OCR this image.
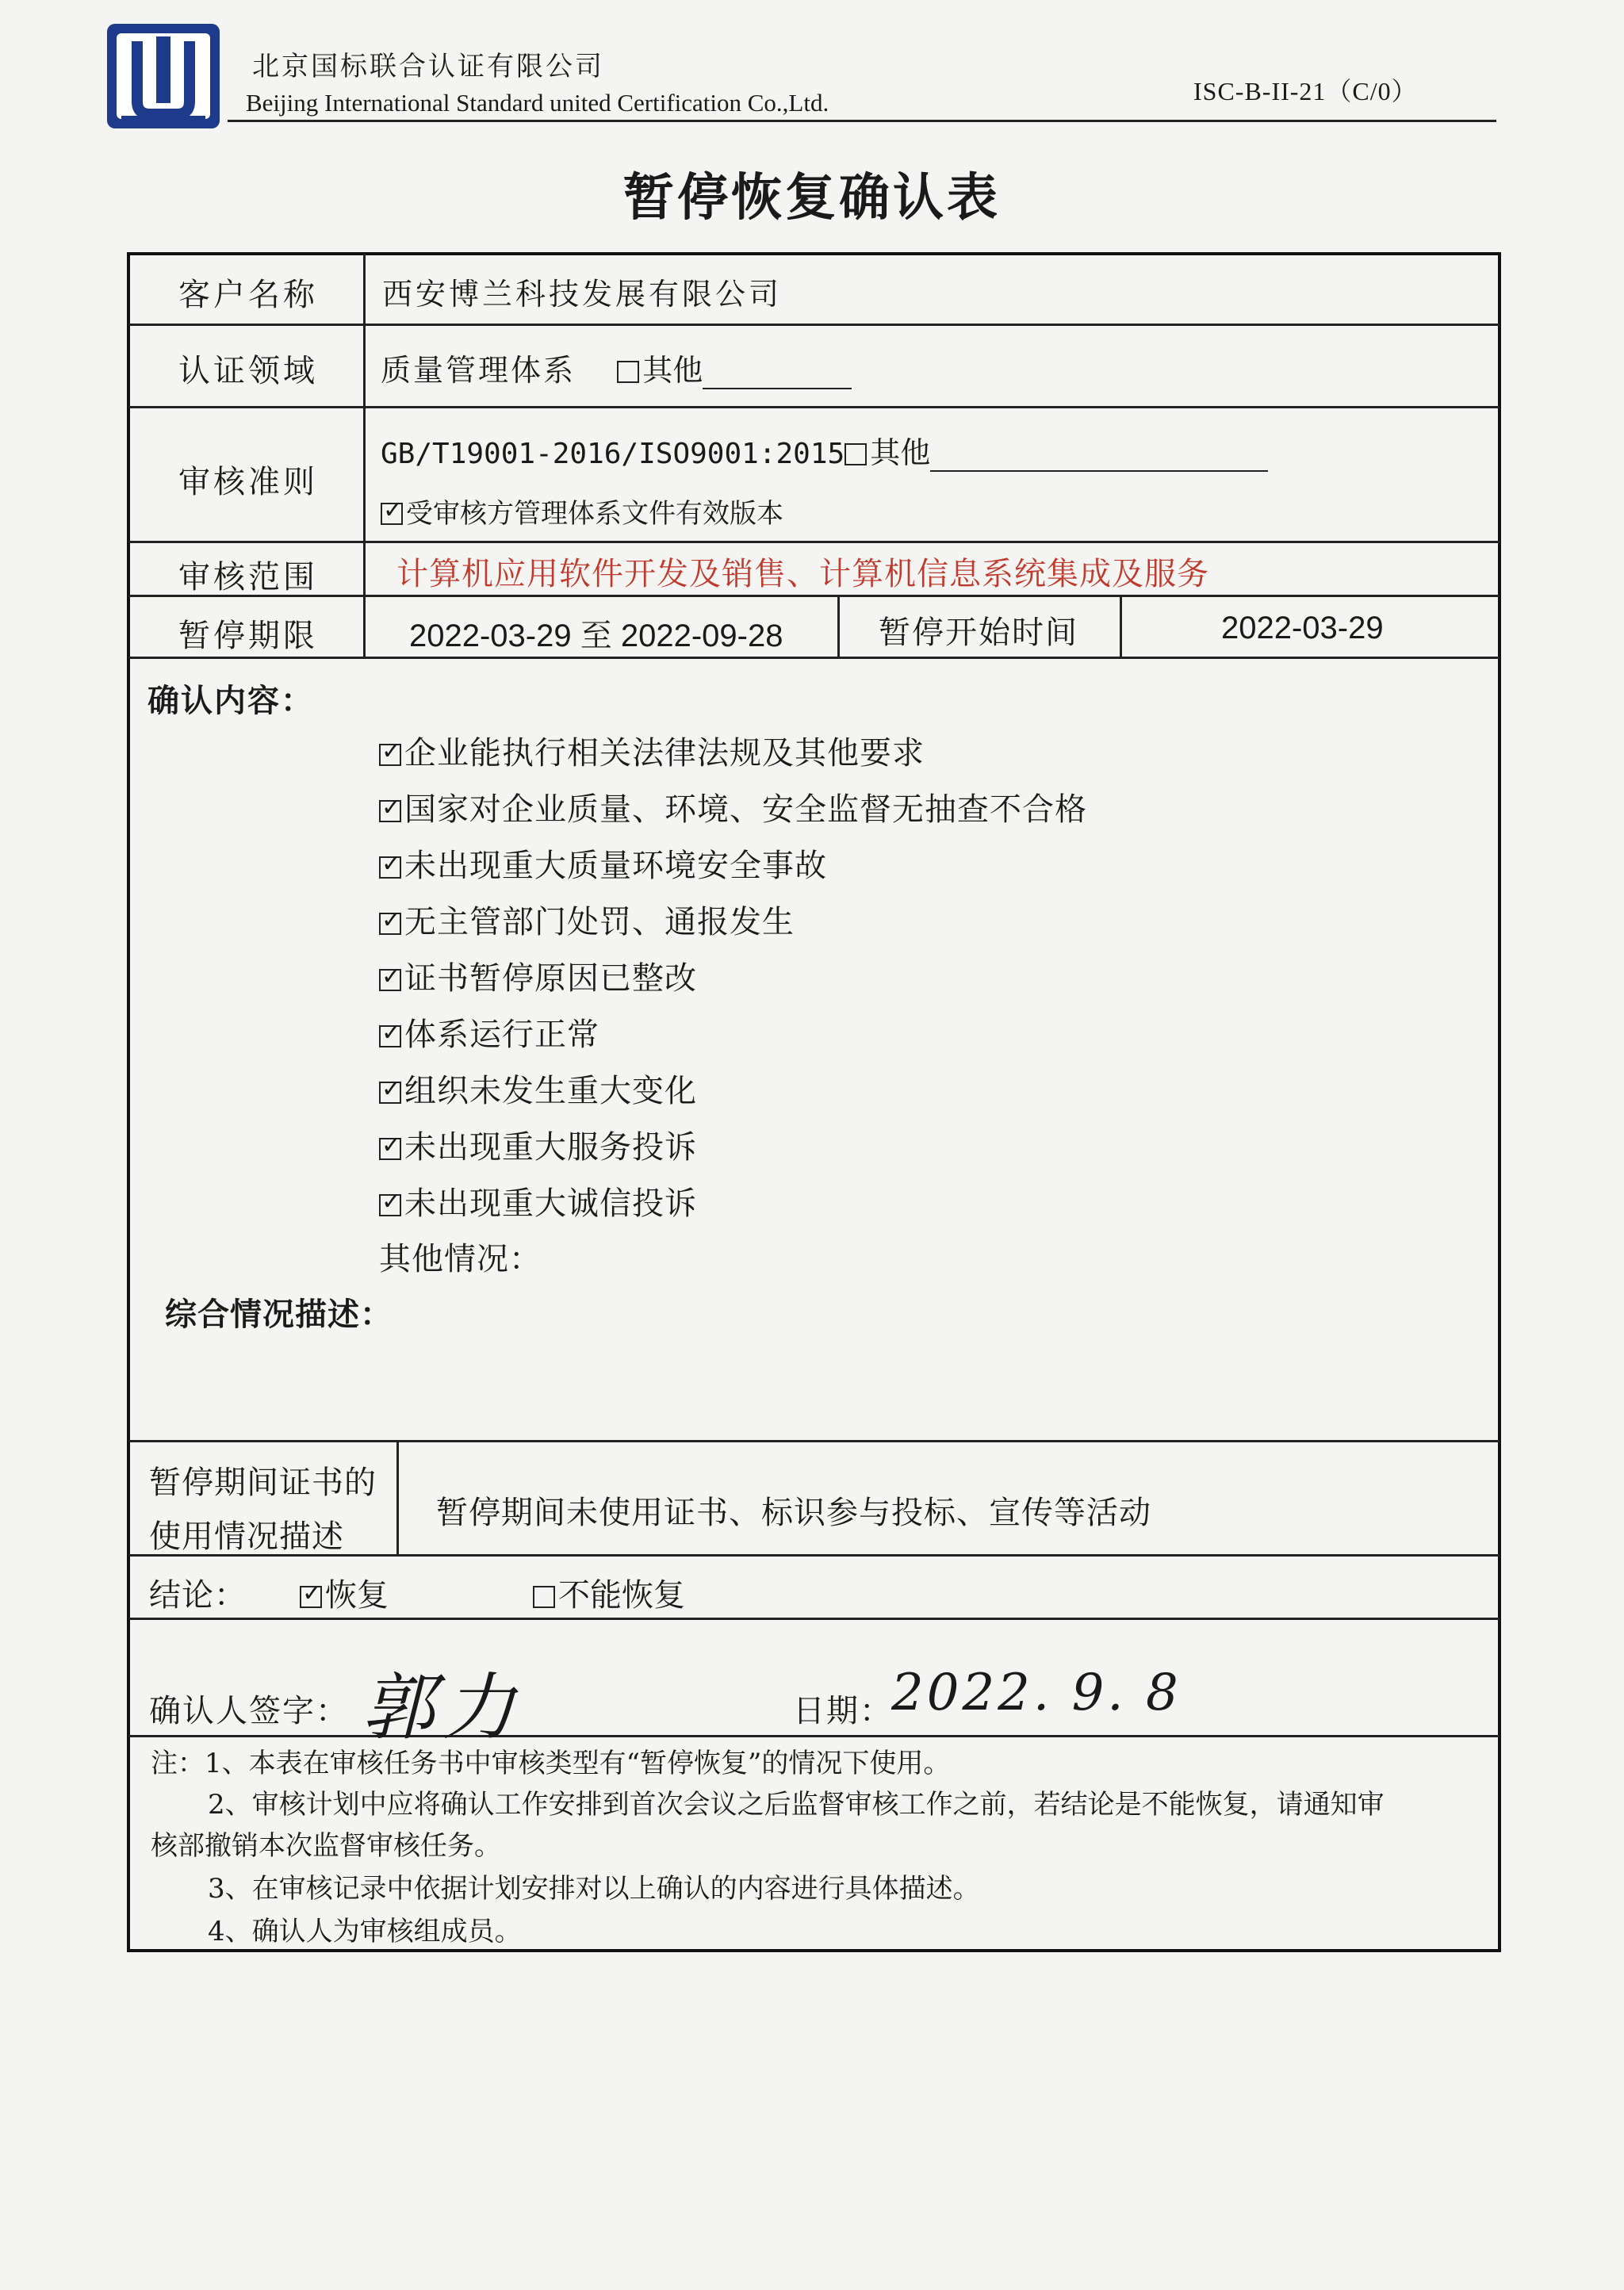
北京国标联合认证有限公司
Beijing International Standard united Certification Co.,Ltd.	ISC-B-II-21（C/0）
暂停恢复确认表
客户名称 西安博兰科技发展有限公司
认证领域 质量管理体系 其他
审核准则
GB/T19001-2016/ISO9001:2015 其他
✓受审核方管理体系文件有效版本
审核范围 计算机应用软件开发及销售、计算机信息系统集成及服务
暂停期限	2022-03-29 至 2022-09-28	暂停开始时间	2022-03-29
确认内容：
✓企业能执行相关法律法规及其他要求
✓国家对企业质量、环境、安全监督无抽查不合格
✓未出现重大质量环境安全事故
✓无主管部门处罚、通报发生
✓证书暂停原因已整改
✓体系运行正常
✓组织未发生重大变化
✓未出现重大服务投诉
✓未出现重大诚信投诉
其他情况：
综合情况描述：
暂停期间证书的
使用情况描述
暂停期间未使用证书、标识参与投标、宣传等活动
结论：
✓	恢复	不能恢复
确认人签字： 郭力	日期：
2022. 9. 8
注：1、本表在审核任务书中审核类型有“暂停恢复”的情况下使用。
2、审核计划中应将确认工作安排到首次会议之后监督审核工作之前，若结论是不能恢复，请通知审
核部撤销本次监督审核任务。
3、在审核记录中依据计划安排对以上确认的内容进行具体描述。
4、确认人为审核组成员。
